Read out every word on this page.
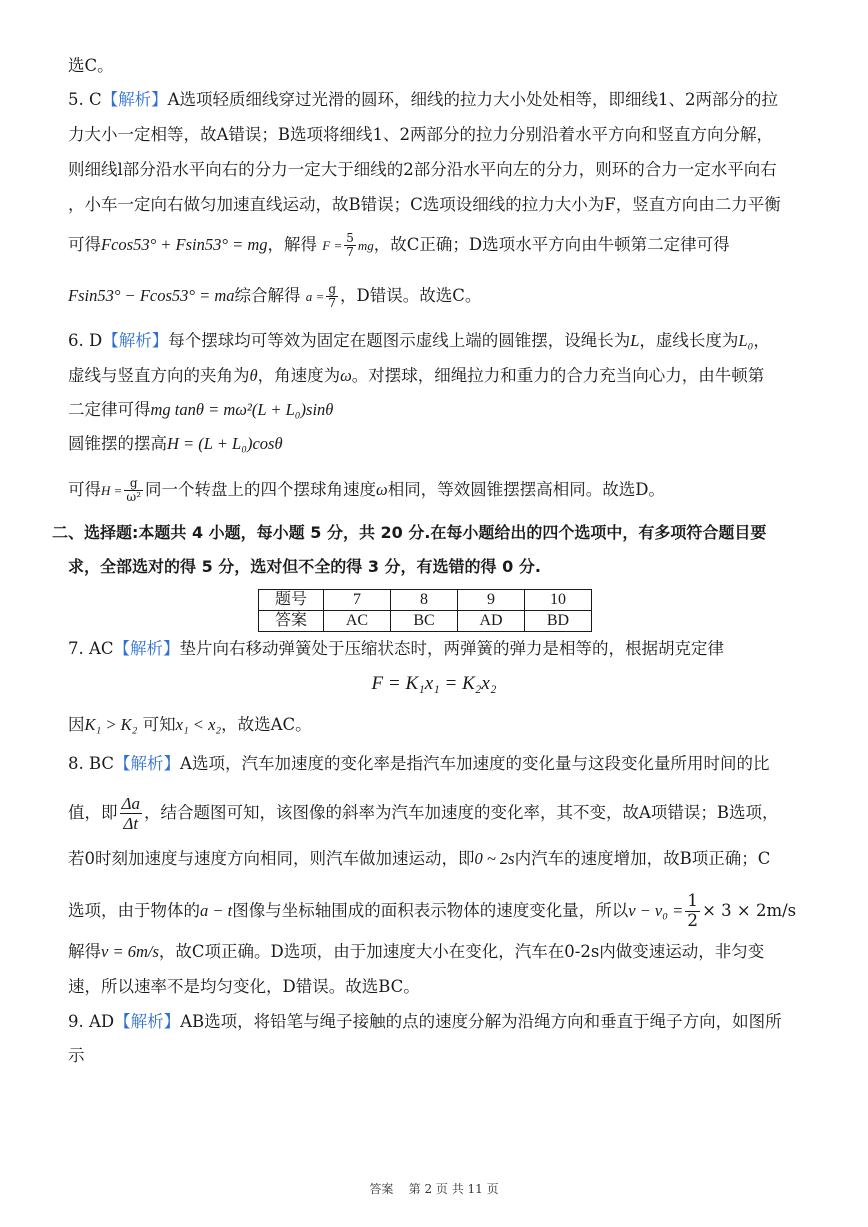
选C。
5. C【解析】A选项轻质细线穿过光滑的圆环，细线的拉力大小处处相等，即细线1、2两部分的拉
力大小一定相等，故A错误；B选项将细线1、2两部分的拉力分别沿着水平方向和竖直方向分解，
则细线l部分沿水平向右的分力一定大于细线的2部分沿水平向左的分力，则环的合力一定水平向右
，小车一定向右做匀加速直线运动，故B错误；C选项设细线的拉力大小为F，竖直方向由二力平衡
可得Fcos53° + Fsin53° = mg，解得 $F = \frac{5}{7}$ mg，故C正确；D选项水平方向由牛顿第二定律可得
Fsin53° − Fcos53° = ma综合解得 $a = \frac{g}{7}$ ，D错误。故选C。
6. D【解析】每个摆球均可等效为固定在题图示虚线上端的圆锥摆，设绳长为L，虚线长度为L₀，
虚线与竖直方向的夹角为θ，角速度为ω。对摆球，细绳拉力和重力的合力充当向心力，由牛顿第
二定律可得mg tanθ = mω²(L + L₀)sinθ
圆锥摆的摆高H = (L + L₀)cosθ
可得$H = \frac{g}{\text{ω²}}$ 同一个转盘上的四个摆球角速度ω相同，等效圆锥摆摆高相同。故选D。
二、选择题:本题共 4 小题，每小题 5 分，共 20 分.在每小题给出的四个选项中，有多项符合题目要
求，全部选对的得 5 分，选对但不全的得 3 分，有选错的得 0 分.
题号	7	8	9	10
答案	AC	BC	AD	BD
7. AC【解析】垫片向右移动弹簧处于压缩状态时，两弹簧的弹力是相等的，根据胡克定律
F = K₁x₁ = K₂x₂
因K₁ > K₂ 可知x₁ < x₂，故选AC。
8. BC【解析】A选项，汽车加速度的变化率是指汽车加速度的变化量与这段变化量所用时间的比
值，即 $\frac{\Delta a}{\Delta t}$ ，结合题图可知，该图像的斜率为汽车加速度的变化率，其不变，故A项错误；B选项，
若0时刻加速度与速度方向相同，则汽车做加速运动，即0 ~ 2s内汽车的速度增加，故B项正确；C
选项，由于物体的a − t图像与坐标轴围成的面积表示物体的速度变化量，所以$v - v_0 = \frac{1}{2} \times 3 \times 2m/s$
解得v = 6m/s，故C项正确。D选项，由于加速度大小在变化，汽车在0-2s内做变速运动，非匀变
速，所以速率不是均匀变化，D错误。故选BC。
9. AD【解析】AB选项，将铅笔与绳子接触的点的速度分解为沿绳方向和垂直于绳子方向，如图所
示
答案 第 2 页 共 11 页
